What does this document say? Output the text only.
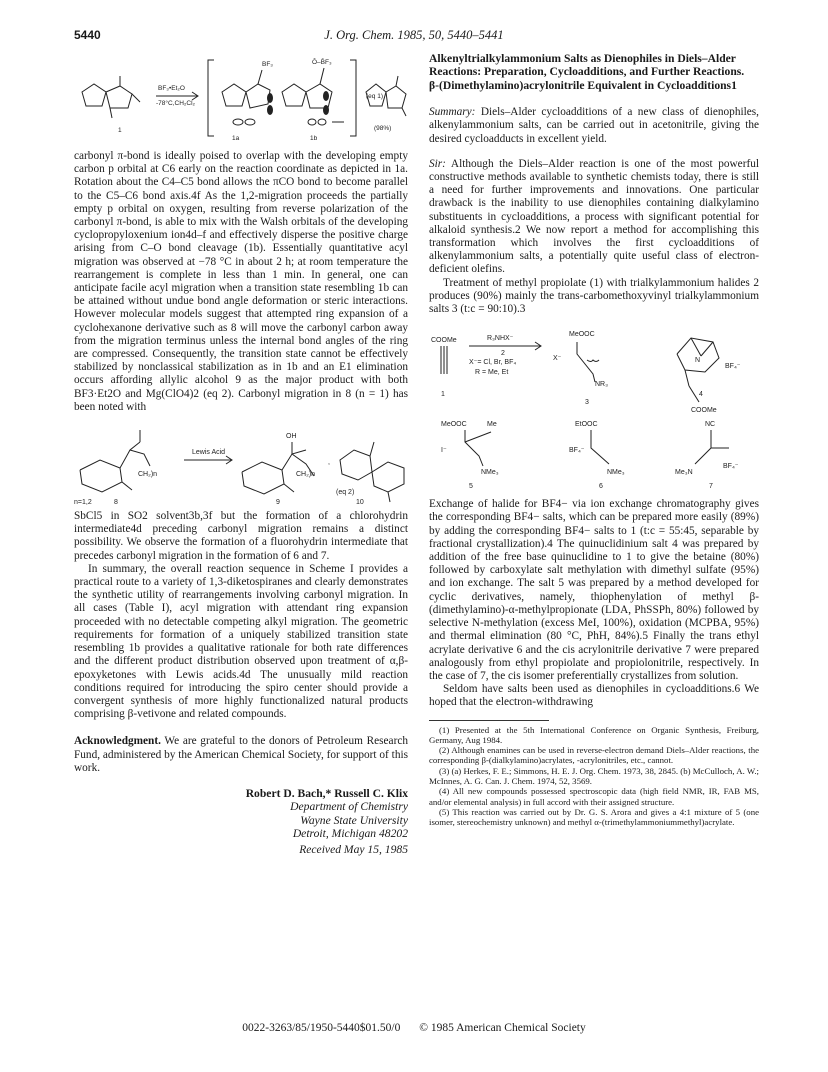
5440	J. Org. Chem. 1985, 50, 5440–5441
BF₃•Et₂O
-78°C,CH₂Cl₂
1
1a	1b
BF₃	Ō–B̄F₃
(eq 1)
(98%)

carbonyl π-bond is ideally poised to overlap with the developing empty carbon p orbital at C6 early on the reaction coordinate as depicted in 1a. Rotation about the C4–C5 bond allows the πCO bond to become parallel to the C5–C6 bond axis.4f As the 1,2-migration proceeds the partially empty p orbital on oxygen, resulting from reverse polarization of the carbonyl π-bond, is able to mix with the Walsh orbitals of the developing cyclopropyloxenium ion4d–f and effectively disperse the positive charge arising from C–O bond cleavage (1b). Essentially quantitative acyl migration was observed at −78 °C in about 2 h; at room temperature the rearrangement is complete in less than 1 min. In general, one can anticipate facile acyl migration when a transition state resembling 1b can be attained without undue bond angle deformation or steric interactions. However molecular models suggest that attempted ring expansion of a cyclohexanone derivative such as 8 will move the carbonyl carbon away from the migration terminus unless the internal bond angles of the ring are compressed. Consequently, the transition state cannot be effectively stabilized by nonclassical stabilization as in 1b and an E1 elimination occurs affording allylic alcohol 9 as the major product with both BF3·Et2O and Mg(ClO4)2 (eq 2). Carbonyl migration in 8 (n = 1) has been noted with

Lewis Acid
CH₂)n	CH₂)n
OH
n=1,2	8	9	10
(eq 2)
,

SbCl5 in SO2 solvent3b,3f but the formation of a chlorohydrin intermediate4d preceding carbonyl migration remains a distinct possibility. We observe the formation of a fluorohydrin intermediate that precedes carbonyl migration in the formation of 6 and 7.

In summary, the overall reaction sequence in Scheme I provides a practical route to a variety of 1,3-diketospiranes and clearly demonstrates the synthetic utility of rearrangements involving carbonyl migration. In all cases (Table I), acyl migration with attendant ring expansion proceeded with no detectable competing alkyl migration. The geometric requirements for formation of a uniquely stabilized transition state resembling 1b provides a qualitative rationale for both rate differences and the different product distribution observed upon treatment of α,β-epoxyketones with Lewis acids.4d The unusually mild reaction conditions required for introducing the spiro center should provide a convergent synthesis of more highly functionalized natural products comprising β-vetivone and related compounds.

Acknowledgment. We are grateful to the donors of Petroleum Research Fund, administered by the American Chemical Society, for support of this work.

Robert D. Bach,* Russell C. Klix
Department of Chemistry
Wayne State University
Detroit, Michigan 48202
Received May 15, 1985
Alkenyltrialkylammonium Salts as Dienophiles in Diels–Alder Reactions: Preparation, Cycloadditions, and Further Reactions.
β-(Dimethylamino)acrylonitrile Equivalent in Cycloadditions1

Summary: Diels–Alder cycloadditions of a new class of dienophiles, alkenylammonium salts, can be carried out in acetonitrile, giving the desired cycloadducts in excellent yield.

Sir: Although the Diels–Alder reaction is one of the most powerful constructive methods available to synthetic chemists today, there is still a need for further improvements and innovations. One particular drawback is the inability to use dienophiles containing dialkylamino substituents in cycloadditions, a process with significant potential for alkaloid synthesis.2 We now report a method for accomplishing this transformation which involves the first cycloadditions of alkenylammonium salts, a potentially quite useful class of electron-deficient olefins.

Treatment of methyl propiolate (1) with trialkylammonium halides 2 produces (90%) mainly the trans-carbomethoxyvinyl trialkylammonium salts 3 (t:c = 90:10).3

COOMe	R₃NHX⁻
2
X⁻= Cl, Br, BF₄
R = Me, Et
1
MeOOC
X⁻
NR₃
3
N
BF₄⁻
COOMe
4
MeOOC	Me
I⁻
NMe₃
5
EtOOC
BF₄⁻
NMe₃
6
NC
Me₃N
BF₄⁻
7

Exchange of halide for BF4− via ion exchange chromatography gives the corresponding BF4− salts, which can be prepared more easily (89%) by adding the corresponding BF4− salts to 1 (t:c = 55:45, separable by fractional crystallization).4 The quinuclidinium salt 4 was prepared by addition of the free base quinuclidine to 1 to give the betaine (80%) followed by carboxylate salt methylation with dimethyl sulfate (95%) and ion exchange. The salt 5 was prepared by a method developed for cyclic derivatives, namely, thiophenylation of methyl β-(dimethylamino)-α-methylpropionate (LDA, PhSSPh, 80%) followed by selective N-methylation (excess MeI, 100%), oxidation (MCPBA, 95%) and thermal elimination (80 °C, PhH, 84%).5 Finally the trans ethyl acrylate derivative 6 and the cis acrylonitrile derivative 7 were prepared analogously from ethyl propiolate and propiolonitrile, respectively. In the case of 7, the cis isomer preferentially crystallizes from solution.

Seldom have salts been used as dienophiles in cycloadditions.6 We hoped that the electron-withdrawing

(1) Presented at the 5th International Conference on Organic Synthesis, Freiburg, Germany, Aug 1984.

(2) Although enamines can be used in reverse-electron demand Diels–Alder reactions, the corresponding β-(dialkylamino)acrylates, -acrylonitriles, etc., cannot.

(3) (a) Herkes, F. E.; Simmons, H. E. J. Org. Chem. 1973, 38, 2845. (b) McCulloch, A. W.; McInnes, A. G. Can. J. Chem. 1974, 52, 3569.

(4) All new compounds possessed spectroscopic data (high field NMR, IR, FAB MS, and/or elemental analysis) in full accord with their assigned structure.

(5) This reaction was carried out by Dr. G. S. Arora and gives a 4:1 mixture of 5 (one isomer, stereochemistry unknown) and methyl α-(trimethylammoniummethyl)acrylate.

0022-3263/85/1950-5440$01.50/0 © 1985 American Chemical Society
